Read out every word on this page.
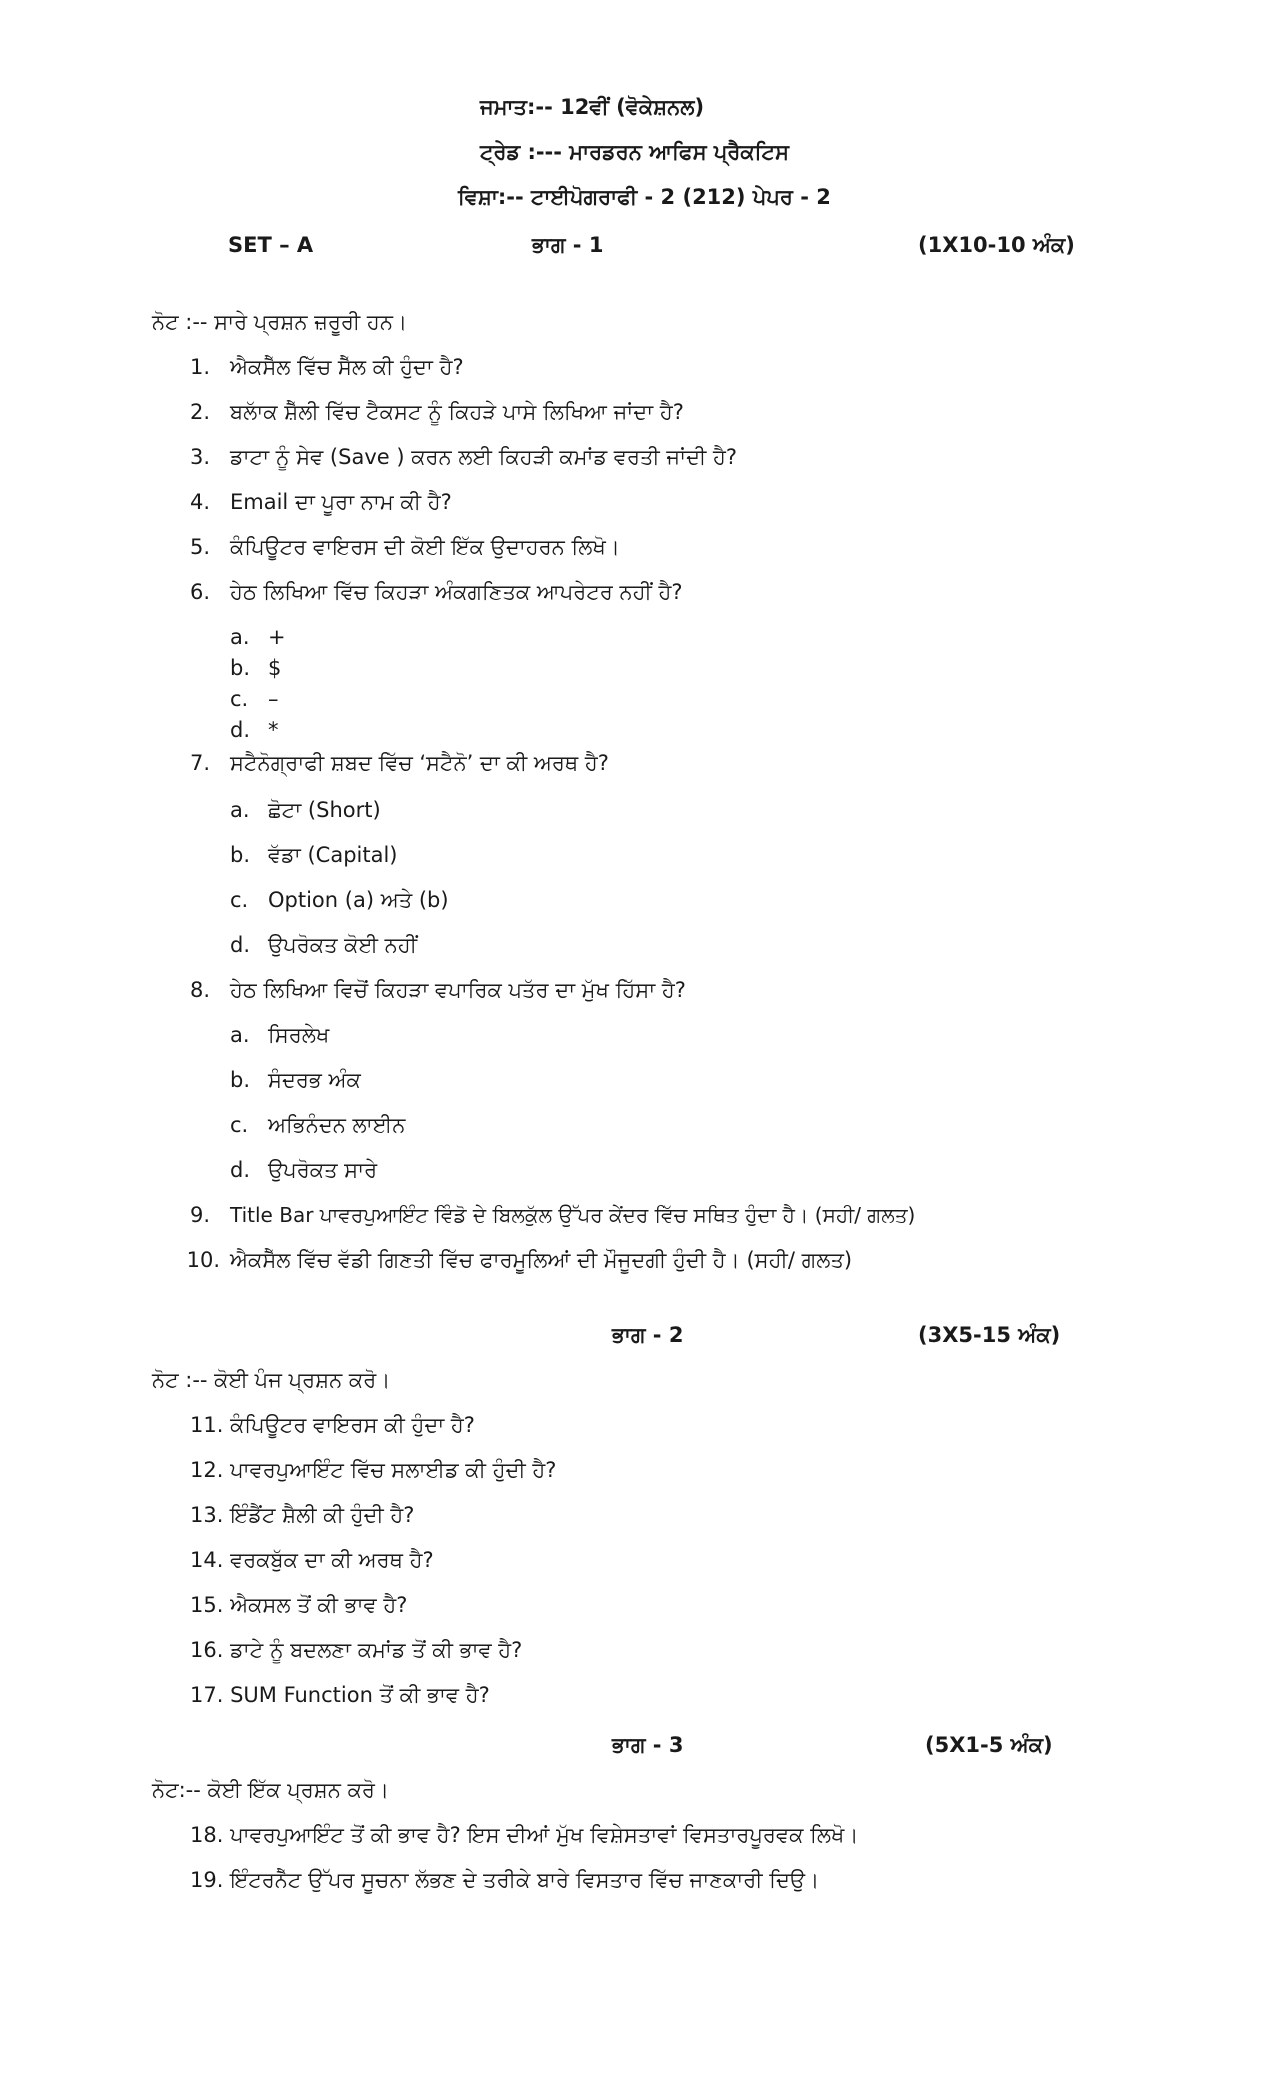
ਜਮਾਤ:-- 12ਵੀਂ (ਵੋਕੇਸ਼ਨਲ)
ਟ੍ਰੇਡ :--- ਮਾਰਡਰਨ ਆਫਿਸ ਪ੍ਰੈਕਟਿਸ
ਵਿਸ਼ਾ:-- ਟਾਈਪੋਗਰਾਫੀ - 2 (212) ਪੇਪਰ - 2
SET – A	ਭਾਗ - 1	(1X10-10 ਅੰਕ)
ਨੋਟ :-- ਸਾਰੇ ਪ੍ਰਸ਼ਨ ਜ਼ਰੂਰੀ ਹਨ।
1. ਐਕਸੈੱਲ ਵਿੱਚ ਸੈੱਲ ਕੀ ਹੁੰਦਾ ਹੈ?
2. ਬਲਾੱਕ ਸ਼ੈੱਲੀ ਵਿੱਚ ਟੈਕਸਟ ਨੂੰ ਕਿਹੜੇ ਪਾਸੇ ਲਿਖਿਆ ਜਾਂਦਾ ਹੈ?
3. ਡਾਟਾ ਨੂੰ ਸੇਵ (Save ) ਕਰਨ ਲਈ ਕਿਹੜੀ ਕਮਾਂਡ ਵਰਤੀ ਜਾਂਦੀ ਹੈ?
4. Email ਦਾ ਪੂਰਾ ਨਾਮ ਕੀ ਹੈ?
5. ਕੰਪਿਊਟਰ ਵਾਇਰਸ ਦੀ ਕੋਈ ਇੱਕ ਉਦਾਹਰਨ ਲਿਖੋ।
6. ਹੇਠ ਲਿਖਿਆ ਵਿੱਚ ਕਿਹੜਾ ਅੰਕਗਣਿਤਕ ਆਪਰੇਟਰ ਨਹੀਂ ਹੈ?
a. +
b. $
c. –
d. *
7. ਸਟੈਨੋਗ੍ਰਾਫੀ ਸ਼ਬਦ ਵਿੱਚ ‘ਸਟੈਨੋ’ ਦਾ ਕੀ ਅਰਥ ਹੈ?
a. ਛੋਟਾ (Short)
b. ਵੱਡਾ (Capital)
c. Option (a) ਅਤੇ (b)
d. ਉਪਰੋਕਤ ਕੋਈ ਨਹੀਂ
8. ਹੇਠ ਲਿਖਿਆ ਵਿਚੋਂ ਕਿਹੜਾ ਵਪਾਰਿਕ ਪਤੱਰ ਦਾ ਮੁੱਖ ਹਿੱਸਾ ਹੈ?
a. ਸਿਰਲੇਖ
b. ਸੰਦਰਭ ਅੰਕ
c. ਅਭਿਨੰਦਨ ਲਾਈਨ
d. ਉਪਰੋਕਤ ਸਾਰੇ
9. Title Bar ਪਾਵਰਪੁਆਇੰਟ ਵਿੰਡੋ ਦੇ ਬਿਲਕੁੱਲ ਉੱਪਰ ਕੇਂਦਰ ਵਿੱਚ ਸਥਿਤ ਹੁੰਦਾ ਹੈ। (ਸਹੀ/ ਗਲਤ)
10. ਐਕਸੈੱਲ ਵਿੱਚ ਵੱਡੀ ਗਿਣਤੀ ਵਿੱਚ ਫਾਰਮੂਲਿਆਂ ਦੀ ਮੌਜੂਦਗੀ ਹੁੰਦੀ ਹੈ। (ਸਹੀ/ ਗਲਤ)
ਭਾਗ - 2	(3X5-15 ਅੰਕ)
ਨੋਟ :-- ਕੋਈ ਪੰਜ ਪ੍ਰਸ਼ਨ ਕਰੋ।
11. ਕੰਪਿਊਟਰ ਵਾਇਰਸ ਕੀ ਹੁੰਦਾ ਹੈ?
12. ਪਾਵਰਪੁਆਇੰਟ ਵਿੱਚ ਸਲਾਈਡ ਕੀ ਹੁੰਦੀ ਹੈ?
13. ਇੰਡੈਂਟ ਸ਼ੈਲੀ ਕੀ ਹੁੰਦੀ ਹੈ?
14. ਵਰਕਬੁੱਕ ਦਾ ਕੀ ਅਰਥ ਹੈ?
15. ਐਕਸਲ ਤੋਂ ਕੀ ਭਾਵ ਹੈ?
16. ਡਾਟੇ ਨੂੰ ਬਦਲਣਾ ਕਮਾਂਡ ਤੋਂ ਕੀ ਭਾਵ ਹੈ?
17. SUM Function ਤੋਂ ਕੀ ਭਾਵ ਹੈ?
ਭਾਗ - 3	(5X1-5 ਅੰਕ)
ਨੋਟ:-- ਕੋਈ ਇੱਕ ਪ੍ਰਸ਼ਨ ਕਰੋ।
18. ਪਾਵਰਪੁਆਇੰਟ ਤੋਂ ਕੀ ਭਾਵ ਹੈ? ਇਸ ਦੀਆਂ ਮੁੱਖ ਵਿਸ਼ੇਸਤਾਵਾਂ ਵਿਸਤਾਰਪੂਰਵਕ ਲਿਖੋ।
19. ਇੰਟਰਨੈੱਟ ਉੱਪਰ ਸੂਚਨਾ ਲੱਭਣ ਦੇ ਤਰੀਕੇ ਬਾਰੇ ਵਿਸਤਾਰ ਵਿੱਚ ਜਾਣਕਾਰੀ ਦਿਉ।
